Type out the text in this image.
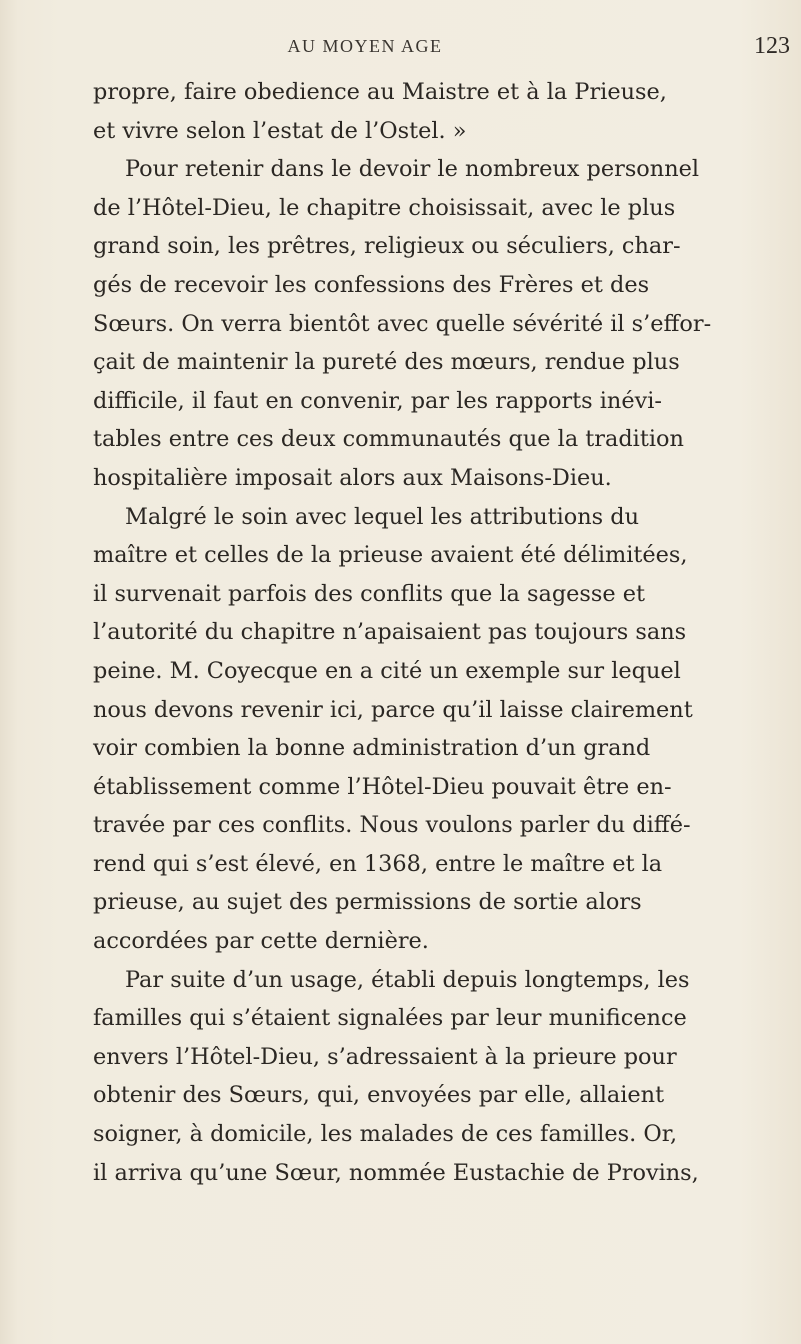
AU MOYEN AGE	123
propre, faire obedience au Maistre et à la Prieuse,
et vivre selon l’estat de l’Ostel. »
Pour retenir dans le devoir le nombreux personnel
de l’Hôtel-Dieu, le chapitre choisissait, avec le plus
grand soin, les prêtres, religieux ou séculiers, char-
gés de recevoir les confessions des Frères et des
Sœurs. On verra bientôt avec quelle sévérité il s’effor-
çait de maintenir la pureté des mœurs, rendue plus
difficile, il faut en convenir, par les rapports inévi-
tables entre ces deux communautés que la tradition
hospitalière imposait alors aux Maisons-Dieu.
Malgré le soin avec lequel les attributions du
maître et celles de la prieuse avaient été délimitées,
il survenait parfois des conflits que la sagesse et
l’autorité du chapitre n’apaisaient pas toujours sans
peine. M. Coyecque en a cité un exemple sur lequel
nous devons revenir ici, parce qu’il laisse clairement
voir combien la bonne administration d’un grand
établissement comme l’Hôtel-Dieu pouvait être en-
travée par ces conflits. Nous voulons parler du diffé-
rend qui s’est élevé, en 1368, entre le maître et la
prieuse, au sujet des permissions de sortie alors
accordées par cette dernière.
Par suite d’un usage, établi depuis longtemps, les
familles qui s’étaient signalées par leur munificence
envers l’Hôtel-Dieu, s’adressaient à la prieure pour
obtenir des Sœurs, qui, envoyées par elle, allaient
soigner, à domicile, les malades de ces familles. Or,
il arriva qu’une Sœur, nommée Eustachie de Provins,
